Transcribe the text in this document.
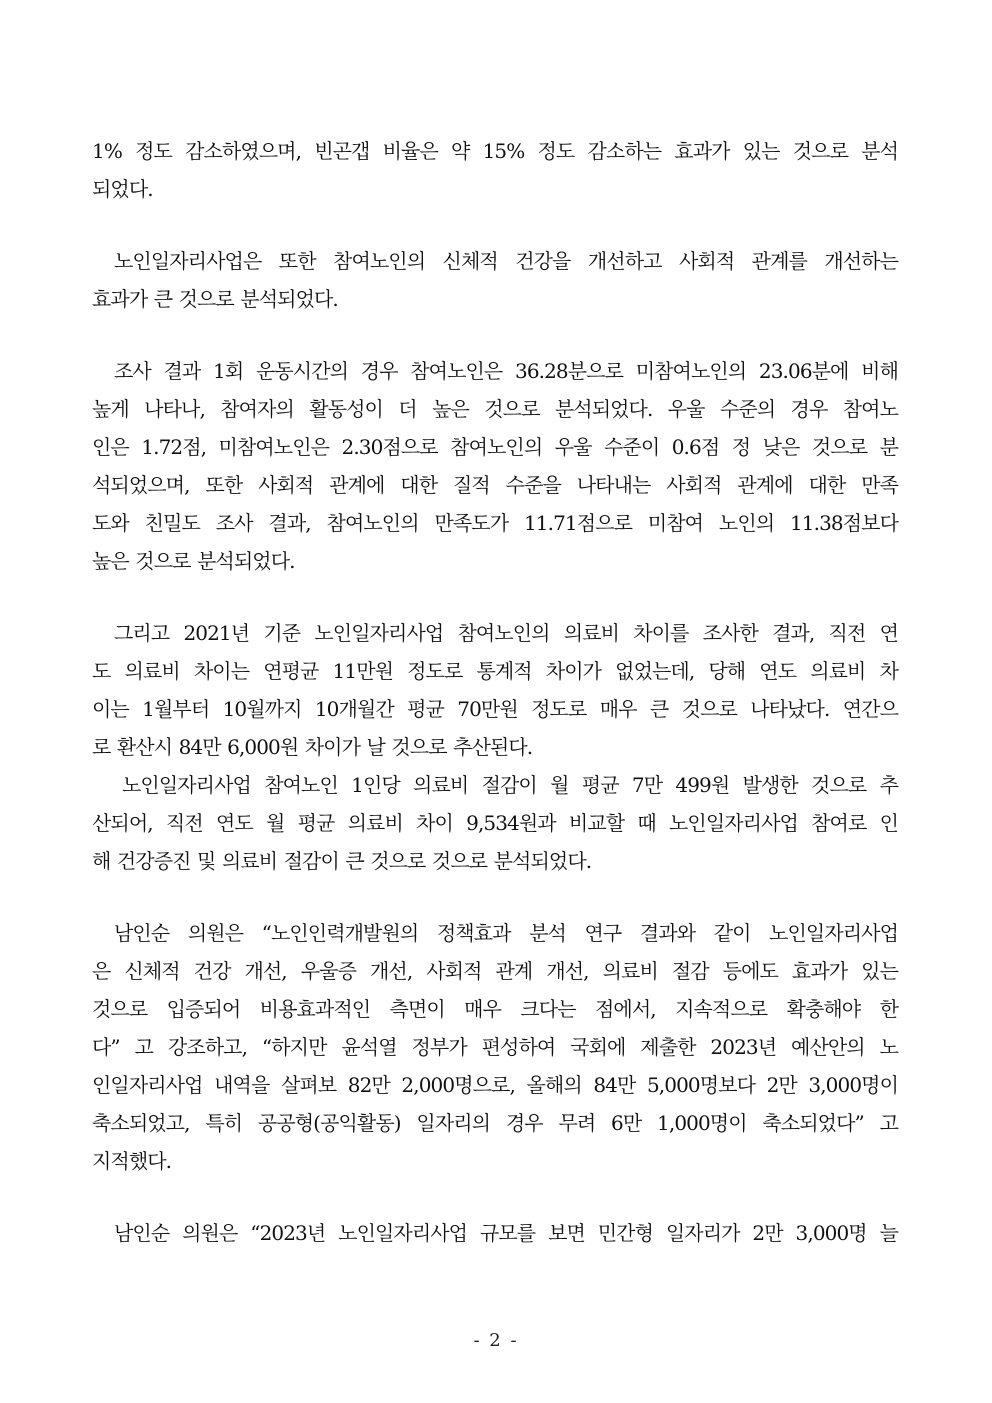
1% 정도 감소하였으며, 빈곤갭 비율은 약 15% 정도 감소하는 효과가 있는 것으로 분석
되었다.
노인일자리사업은 또한 참여노인의 신체적 건강을 개선하고 사회적 관계를 개선하는
효과가 큰 것으로 분석되었다.
조사 결과 1회 운동시간의 경우 참여노인은 36.28분으로 미참여노인의 23.06분에 비해
높게 나타나, 참여자의 활동성이 더 높은 것으로 분석되었다. 우울 수준의 경우 참여노
인은 1.72점, 미참여노인은 2.30점으로 참여노인의 우울 수준이 0.6점 정 낮은 것으로 분
석되었으며, 또한 사회적 관계에 대한 질적 수준을 나타내는 사회적 관계에 대한 만족
도와 친밀도 조사 결과, 참여노인의 만족도가 11.71점으로 미참여 노인의 11.38점보다
높은 것으로 분석되었다.
그리고 2021년 기준 노인일자리사업 참여노인의 의료비 차이를 조사한 결과, 직전 연
도 의료비 차이는 연평균 11만원 정도로 통계적 차이가 없었는데, 당해 연도 의료비 차
이는 1월부터 10월까지 10개월간 평균 70만원 정도로 매우 큰 것으로 나타났다. 연간으
로 환산시 84만 6,000원 차이가 날 것으로 추산된다.
노인일자리사업 참여노인 1인당 의료비 절감이 월 평균 7만 499원 발생한 것으로 추
산되어, 직전 연도 월 평균 의료비 차이 9,534원과 비교할 때 노인일자리사업 참여로 인
해 건강증진 및 의료비 절감이 큰 것으로 것으로 분석되었다.
남인순 의원은 “노인인력개발원의 정책효과 분석 연구 결과와 같이 노인일자리사업
은 신체적 건강 개선, 우울증 개선, 사회적 관계 개선, 의료비 절감 등에도 효과가 있는
것으로 입증되어 비용효과적인 측면이 매우 크다는 점에서, 지속적으로 확충해야 한
다” 고 강조하고, “하지만 윤석열 정부가 편성하여 국회에 제출한 2023년 예산안의 노
인일자리사업 내역을 살펴보 82만 2,000명으로, 올해의 84만 5,000명보다 2만 3,000명이
축소되었고, 특히 공공형(공익활동) 일자리의 경우 무려 6만 1,000명이 축소되었다” 고
지적했다.
남인순 의원은 “2023년 노인일자리사업 규모를 보면 민간형 일자리가 2만 3,000명 늘
- 2 -
